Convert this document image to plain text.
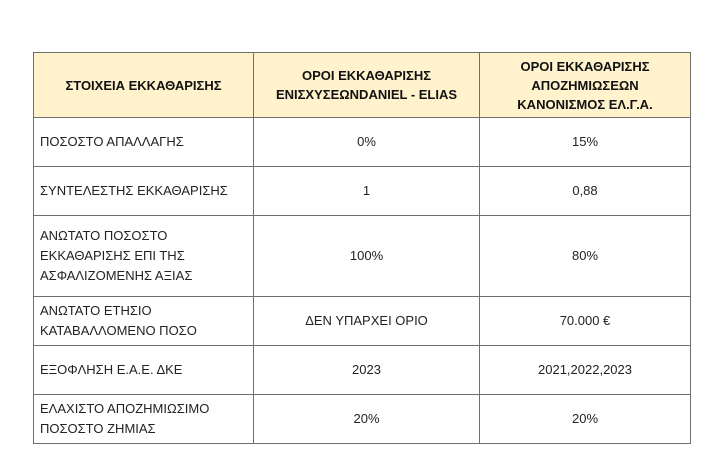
ΣΤΟΙΧΕΙΑ ΕΚΚΑΘΑΡΙΣΗΣ	ΟΡΟΙ ΕΚΚΑΘΑΡΙΣΗΣ ΕΝΙΣΧΥΣΕΩΝDANIEL - ELIAS	ΟΡΟΙ ΕΚΚΑΘΑΡΙΣΗΣ ΑΠΟΖΗΜΙΩΣΕΩΝ ΚΑΝΟΝΙΣΜΟΣ ΕΛ.Γ.Α.
ΠΟΣΟΣΤΟ ΑΠΑΛΛΑΓΗΣ	0%	15%
ΣΥΝΤΕΛΕΣΤΗΣ ΕΚΚΑΘΑΡΙΣΗΣ	1	0,88
ΑΝΩΤΑΤΟ ΠΟΣΟΣΤΟ ΕΚΚΑΘΑΡΙΣΗΣ ΕΠΙ ΤΗΣ ΑΣΦΑΛΙΖΟΜΕΝΗΣ ΑΞΙΑΣ	100%	80%
ΑΝΩΤΑΤΟ ΕΤΗΣΙΟ ΚΑΤΑΒΑΛΛΟΜΕΝΟ ΠΟΣΟ	ΔΕΝ ΥΠΑΡΧΕΙ ΟΡΙΟ	70.000 €
ΕΞΟΦΛΗΣΗ Ε.Α.Ε. ΔΚΕ	2023	2021,2022,2023
ΕΛΑΧΙΣΤΟ ΑΠΟΖΗΜΙΩΣΙΜΟ ΠΟΣΟΣΤΟ ΖΗΜΙΑΣ	20%	20%
